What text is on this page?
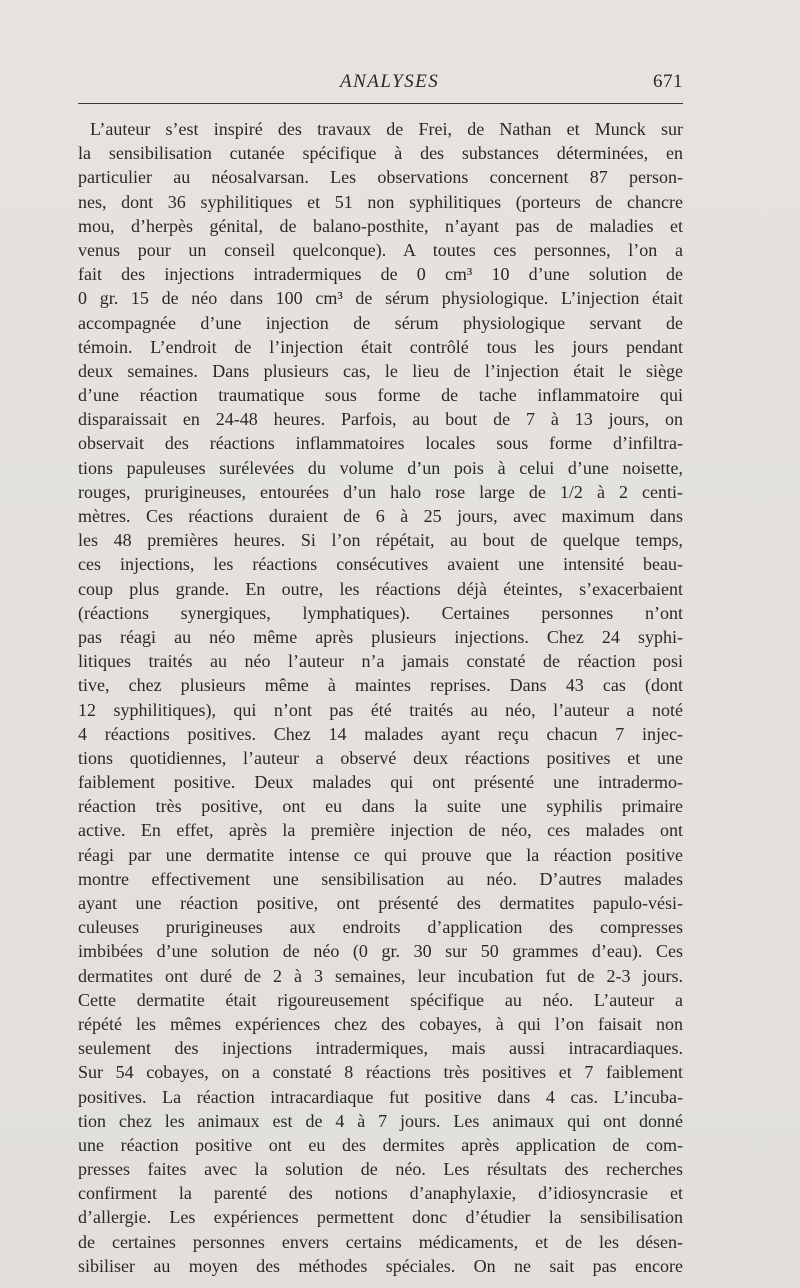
ANALYSES	671
L’auteur s’est inspiré des travaux de Frei, de Nathan et Munck sur
la sensibilisation cutanée spécifique à des substances déterminées, en
particulier au néosalvarsan. Les observations concernent 87 person-
nes, dont 36 syphilitiques et 51 non syphilitiques (porteurs de chancre
mou, d’herpès génital, de balano-posthite, n’ayant pas de maladies et
venus pour un conseil quelconque). A toutes ces personnes, l’on a
fait des injections intradermiques de 0 cm³ 10 d’une solution de
0 gr. 15 de néo dans 100 cm³ de sérum physiologique. L’injection était
accompagnée d’une injection de sérum physiologique servant de
témoin. L’endroit de l’injection était contrôlé tous les jours pendant
deux semaines. Dans plusieurs cas, le lieu de l’injection était le siège
d’une réaction traumatique sous forme de tache inflammatoire qui
disparaissait en 24-48 heures. Parfois, au bout de 7 à 13 jours, on
observait des réactions inflammatoires locales sous forme d’infiltra-
tions papuleuses surélevées du volume d’un pois à celui d’une noisette,
rouges, prurigineuses, entourées d’un halo rose large de 1/2 à 2 centi-
mètres. Ces réactions duraient de 6 à 25 jours, avec maximum dans
les 48 premières heures. Si l’on répétait, au bout de quelque temps,
ces injections, les réactions consécutives avaient une intensité beau-
coup plus grande. En outre, les réactions déjà éteintes, s’exacerbaient
(réactions synergiques, lymphatiques). Certaines personnes n’ont
pas réagi au néo même après plusieurs injections. Chez 24 syphi-
litiques traités au néo l’auteur n’a jamais constaté de réaction posi
tive, chez plusieurs même à maintes reprises. Dans 43 cas (dont
12 syphilitiques), qui n’ont pas été traités au néo, l’auteur a noté
4 réactions positives. Chez 14 malades ayant reçu chacun 7 injec-
tions quotidiennes, l’auteur a observé deux réactions positives et une
faiblement positive. Deux malades qui ont présenté une intradermo-
réaction très positive, ont eu dans la suite une syphilis primaire
active. En effet, après la première injection de néo, ces malades ont
réagi par une dermatite intense ce qui prouve que la réaction positive
montre effectivement une sensibilisation au néo. D’autres malades
ayant une réaction positive, ont présenté des dermatites papulo-vési-
culeuses prurigineuses aux endroits d’application des compresses
imbibées d’une solution de néo (0 gr. 30 sur 50 grammes d’eau). Ces
dermatites ont duré de 2 à 3 semaines, leur incubation fut de 2-3 jours.
Cette dermatite était rigoureusement spécifique au néo. L’auteur a
répété les mêmes expériences chez des cobayes, à qui l’on faisait non
seulement des injections intradermiques, mais aussi intracardiaques.
Sur 54 cobayes, on a constaté 8 réactions très positives et 7 faiblement
positives. La réaction intracardiaque fut positive dans 4 cas. L’incuba-
tion chez les animaux est de 4 à 7 jours. Les animaux qui ont donné
une réaction positive ont eu des dermites après application de com-
presses faites avec la solution de néo. Les résultats des recherches
confirment la parenté des notions d’anaphylaxie, d’idiosyncrasie et
d’allergie. Les expériences permettent donc d’étudier la sensibilisation
de certaines personnes envers certains médicaments, et de les désen-
sibiliser au moyen des méthodes spéciales. On ne sait pas encore
